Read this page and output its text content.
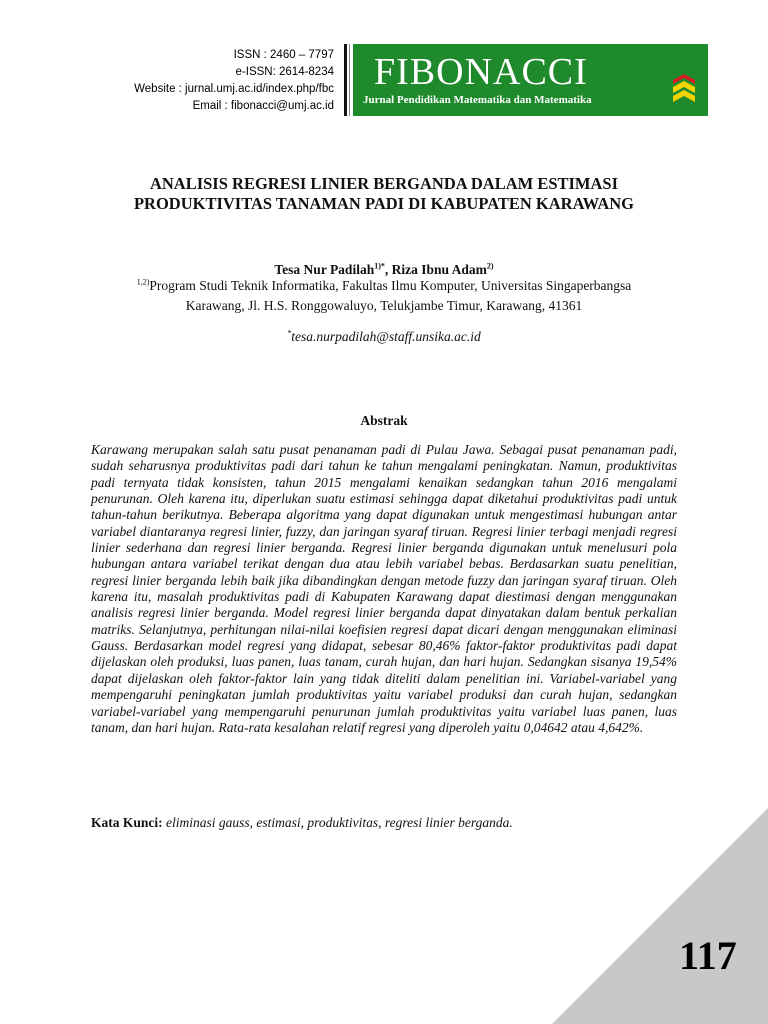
ISSN : 2460 – 7797
e-ISSN: 2614-8234
Website : jurnal.umj.ac.id/index.php/fbc
Email : fibonacci@umj.ac.id
FIBONACCI
Jurnal Pendidikan Matematika dan Matematika
ANALISIS REGRESI LINIER BERGANDA DALAM ESTIMASI
PRODUKTIVITAS TANAMAN PADI DI KABUPATEN KARAWANG
Tesa Nur Padilah$^{1)*}$, Riza Ibnu Adam$^{2)}$
$^{1,2)}$Program Studi Teknik Informatika, Fakultas Ilmu Komputer, Universitas Singaperbangsa
Karawang, Jl. H.S. Ronggowaluyo, Telukjambe Timur, Karawang, 41361
*tesa.nurpadilah@staff.unsika.ac.id
Abstrak
Karawang merupakan salah satu pusat penanaman padi di Pulau Jawa. Sebagai pusat penanaman padi, sudah seharusnya produktivitas padi dari tahun ke tahun mengalami peningkatan. Namun, produktivitas padi ternyata tidak konsisten, tahun 2015 mengalami kenaikan sedangkan tahun 2016 mengalami penurunan. Oleh karena itu, diperlukan suatu estimasi sehingga dapat diketahui produktivitas padi untuk tahun-tahun berikutnya. Beberapa algoritma yang dapat digunakan untuk mengestimasi hubungan antar variabel diantaranya regresi linier, fuzzy, dan jaringan syaraf tiruan. Regresi linier terbagi menjadi regresi linier sederhana dan regresi linier berganda. Regresi linier berganda digunakan untuk menelusuri pola hubungan antara variabel terikat dengan dua atau lebih variabel bebas. Berdasarkan suatu penelitian, regresi linier berganda lebih baik jika dibandingkan dengan metode fuzzy dan jaringan syaraf tiruan. Oleh karena itu, masalah produktivitas padi di Kabupaten Karawang dapat diestimasi dengan menggunakan analisis regresi linier berganda. Model regresi linier berganda dapat dinyatakan dalam bentuk perkalian matriks. Selanjutnya, perhitungan nilai-nilai koefisien regresi dapat dicari dengan menggunakan eliminasi Gauss. Berdasarkan model regresi yang didapat, sebesar 80,46% faktor-faktor produktivitas padi dapat dijelaskan oleh produksi, luas panen, luas tanam, curah hujan, dan hari hujan. Sedangkan sisanya 19,54% dapat dijelaskan oleh faktor-faktor lain yang tidak diteliti dalam penelitian ini. Variabel-variabel yang mempengaruhi peningkatan jumlah produktivitas yaitu variabel produksi dan curah hujan, sedangkan variabel-variabel yang mempengaruhi penurunan jumlah produktivitas yaitu variabel luas panen, luas tanam, dan hari hujan. Rata-rata kesalahan relatif regresi yang diperoleh yaitu 0,04642 atau 4,642%.
Kata Kunci: eliminasi gauss, estimasi, produktivitas, regresi linier berganda.
117
